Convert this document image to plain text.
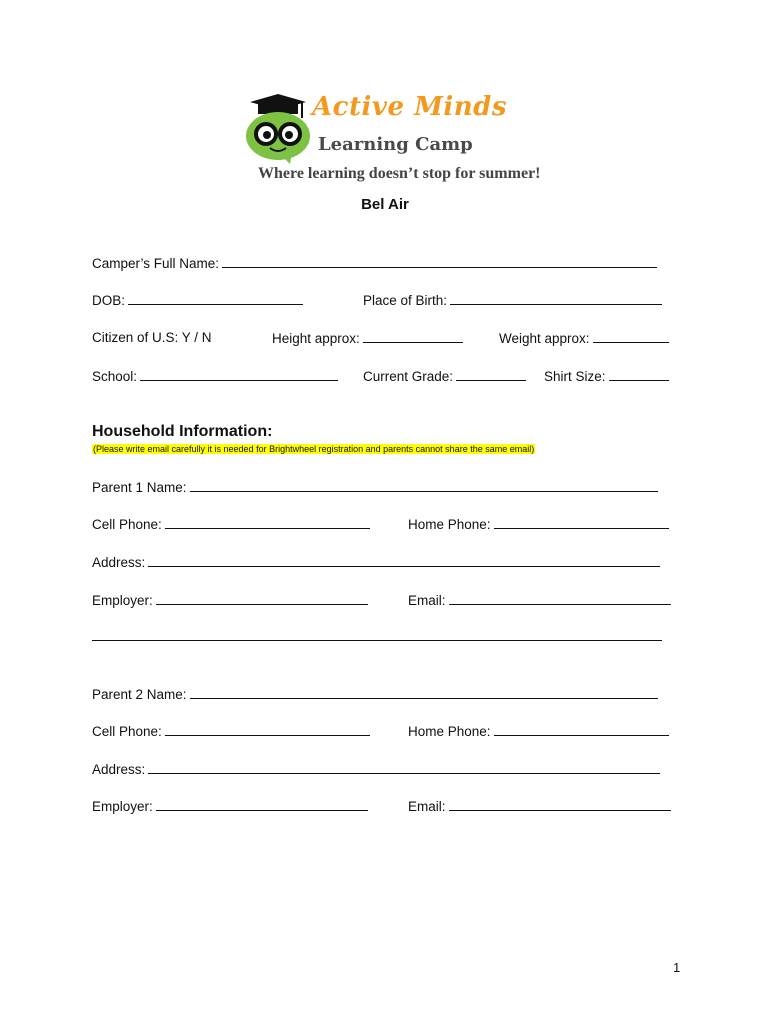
Active Minds
Learning Camp
Where learning doesn’t stop for summer!
Bel Air
Camper’s Full Name:
DOB:	Place of Birth:
Citizen of U.S: Y / N	Height approx:	Weight approx:
School:	Current Grade:	Shirt Size:
Household Information:
(Please write email carefully it is needed for Brightwheel registration and parents cannot share the same email)
Parent 1 Name:
Cell Phone:	Home Phone:
Address:
Employer:	Email:
Parent 2 Name:
Cell Phone:	Home Phone:
Address:
Employer:	Email:
1
